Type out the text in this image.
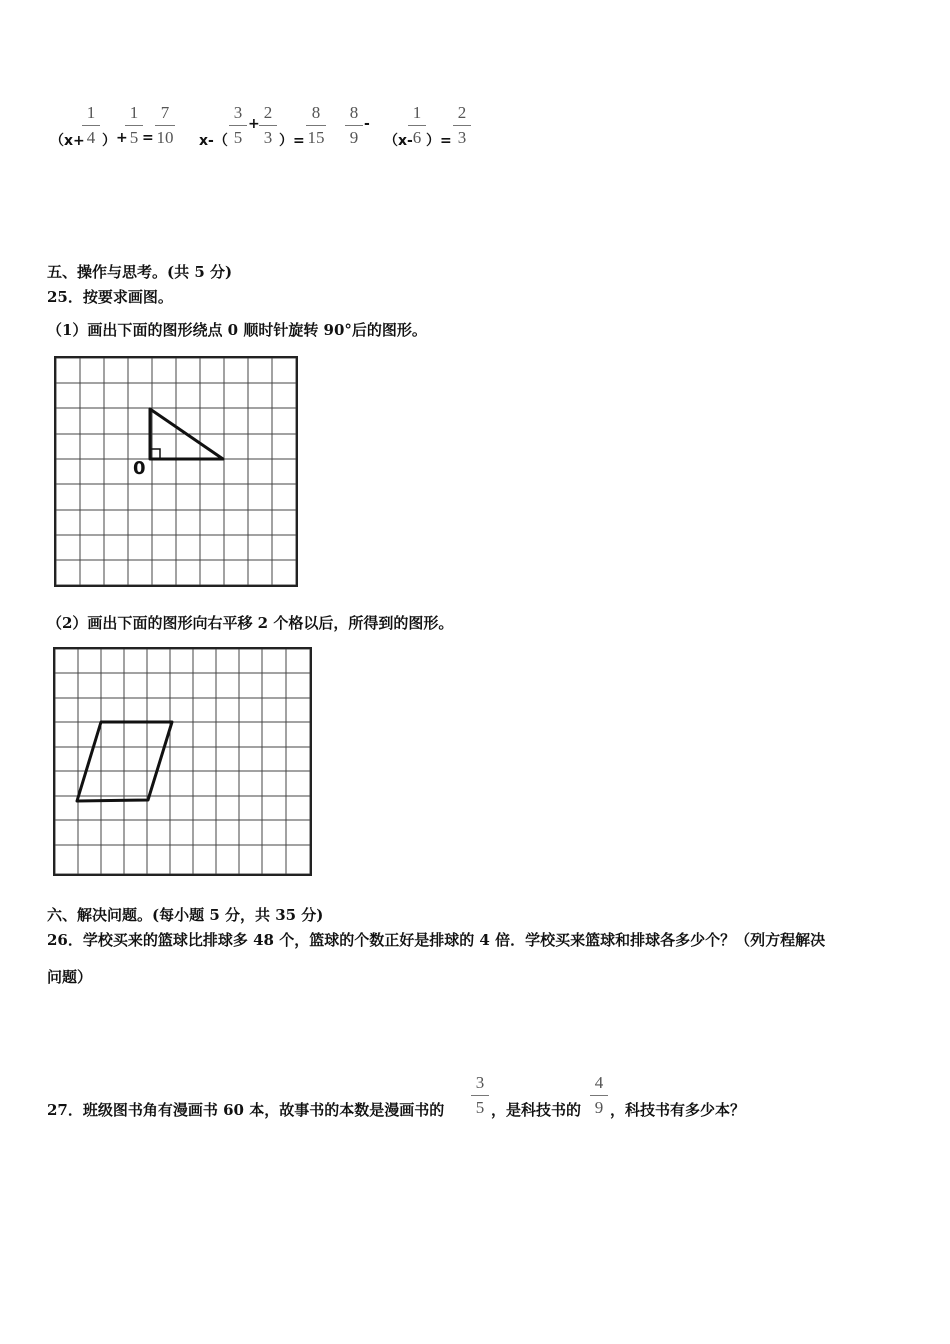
（x+
1
4 ） +
1
5 =
7
10 x-（
3
5
+
2
3 ）=
8
15
8
9
-
（x-
1
6 ）=
2
3
五、操作与思考。(共 5 分)
25．按要求画图。
（1）画出下面的图形绕点 0 顺时针旋转 90°后的图形。
0
（2）画出下面的图形向右平移 2 个格以后，所得到的图形。
六、解决问题。(每小题 5 分，共 35 分)
26．学校买来的篮球比排球多 48 个，篮球的个数正好是排球的 4 倍．学校买来篮球和排球各多少个？（列方程解决
问题）
27．班级图书角有漫画书 60 本，故事书的本数是漫画书的
3
5 ，是科技书的
4
9 ，科技书有多少本？
